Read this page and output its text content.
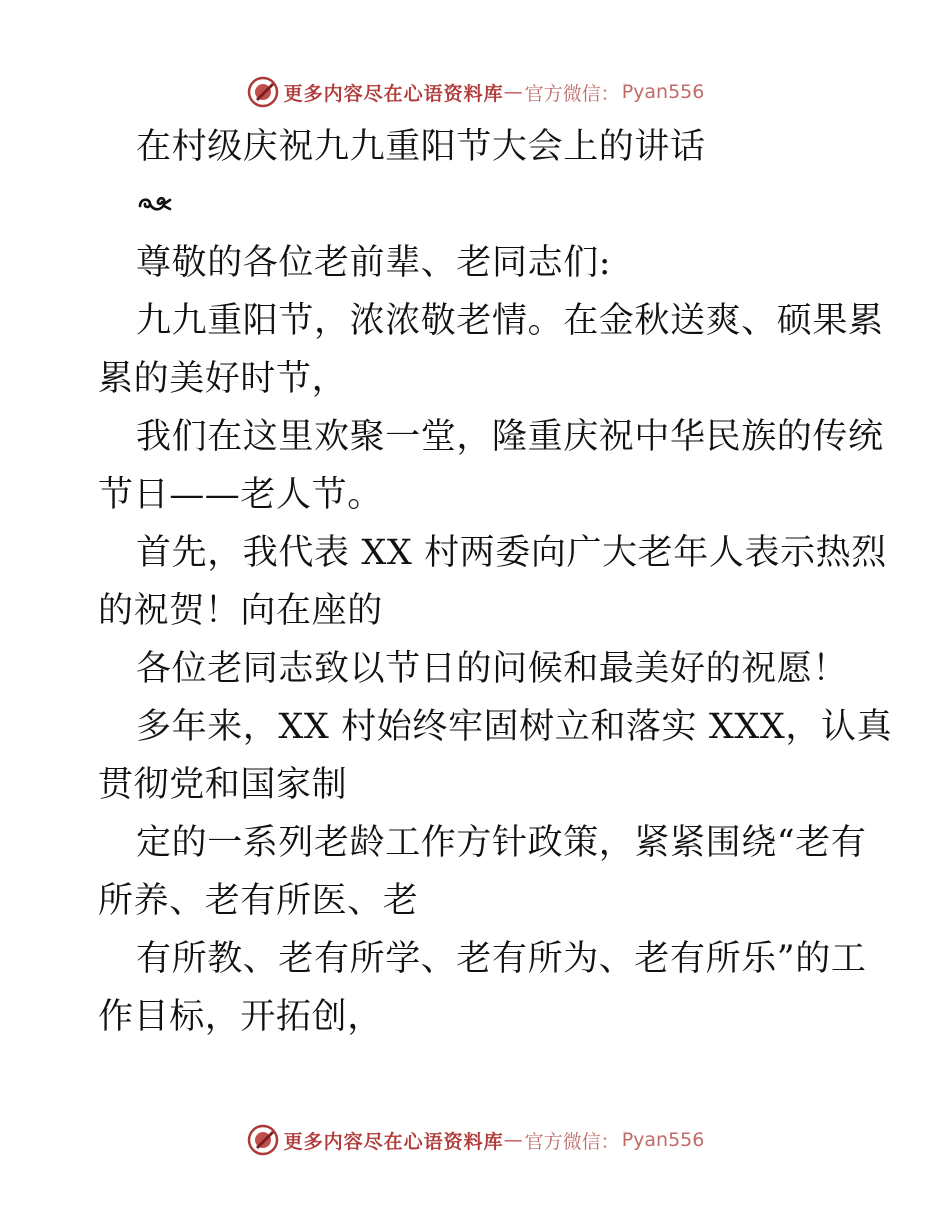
更多内容尽在心语资料库 — 官方微信： Pyan556

在村级庆祝九九重阳节大会上的讲话

尊敬的各位老前辈、老同志们:

九九重阳节，浓浓敬老情。在金秋送爽、硕果累

累的美好时节，

我们在这里欢聚一堂，隆重庆祝中华民族的传统

节日——老人节。

首先，我代表 XX 村两委向广大老年人表示热烈

的祝贺！向在座的

各位老同志致以节日的问候和最美好的祝愿！

多年来，XX 村始终牢固树立和落实 XXX，认真

贯彻党和国家制

定的一系列老龄工作方针政策，紧紧围绕“老有

所养、老有所医、老

有所教、老有所学、老有所为、老有所乐”的工

作目标，开拓创，

更多内容尽在心语资料库 — 官方微信： Pyan556
